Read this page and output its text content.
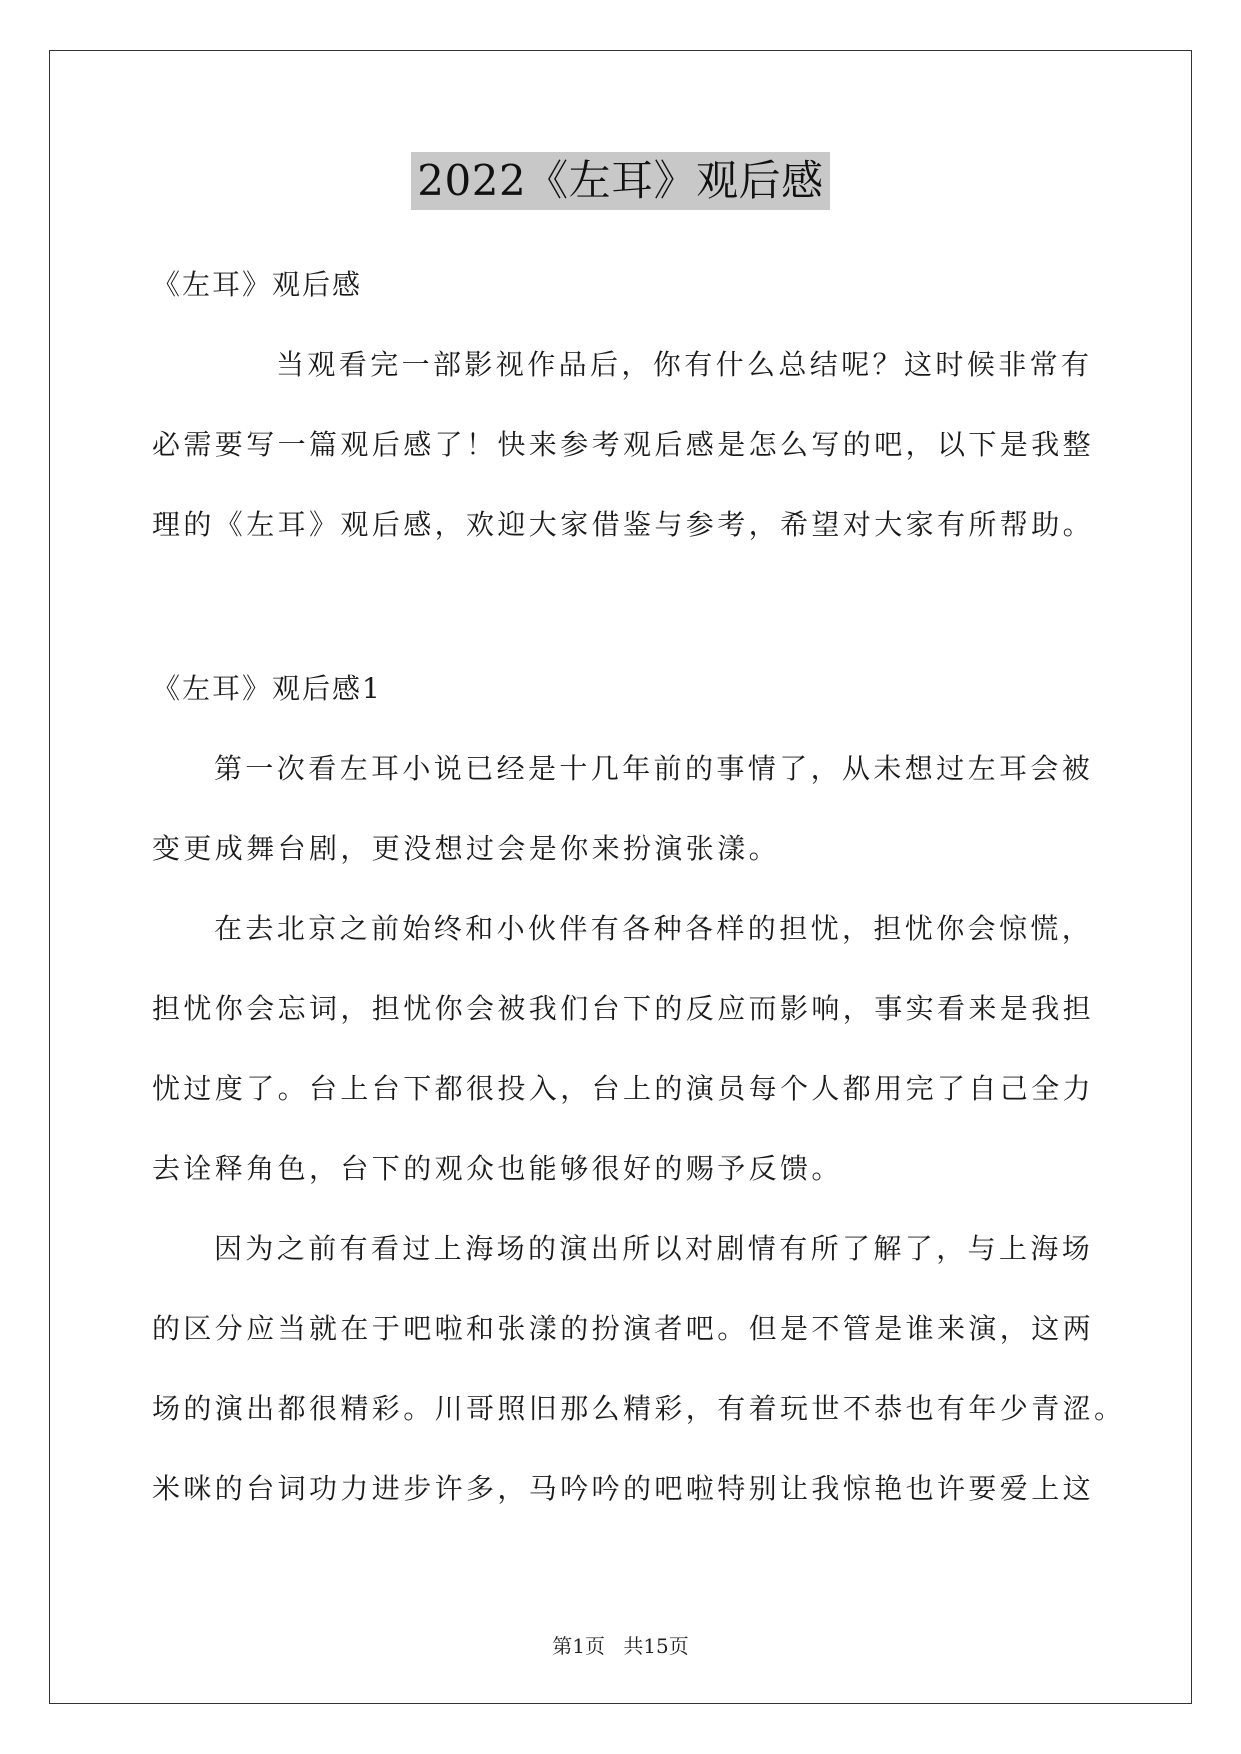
2022《左耳》观后感
《左耳》观后感
当观看完一部影视作品后，你有什么总结呢？这时候非常有
必需要写一篇观后感了！快来参考观后感是怎么写的吧，以下是我整
理的《左耳》观后感，欢迎大家借鉴与参考，希望对大家有所帮助。
《左耳》观后感1
第一次看左耳小说已经是十几年前的事情了，从未想过左耳会被
变更成舞台剧，更没想过会是你来扮演张漾。
在去北京之前始终和小伙伴有各种各样的担忧，担忧你会惊慌，
担忧你会忘词，担忧你会被我们台下的反应而影响，事实看来是我担
忧过度了。台上台下都很投入，台上的演员每个人都用完了自己全力
去诠释角色，台下的观众也能够很好的赐予反馈。
因为之前有看过上海场的演出所以对剧情有所了解了，与上海场
的区分应当就在于吧啦和张漾的扮演者吧。但是不管是谁来演，这两
场的演出都很精彩。川哥照旧那么精彩，有着玩世不恭也有年少青涩。
米咪的台词功力进步许多，马吟吟的吧啦特别让我惊艳也许要爱上这
第1页 共15页
